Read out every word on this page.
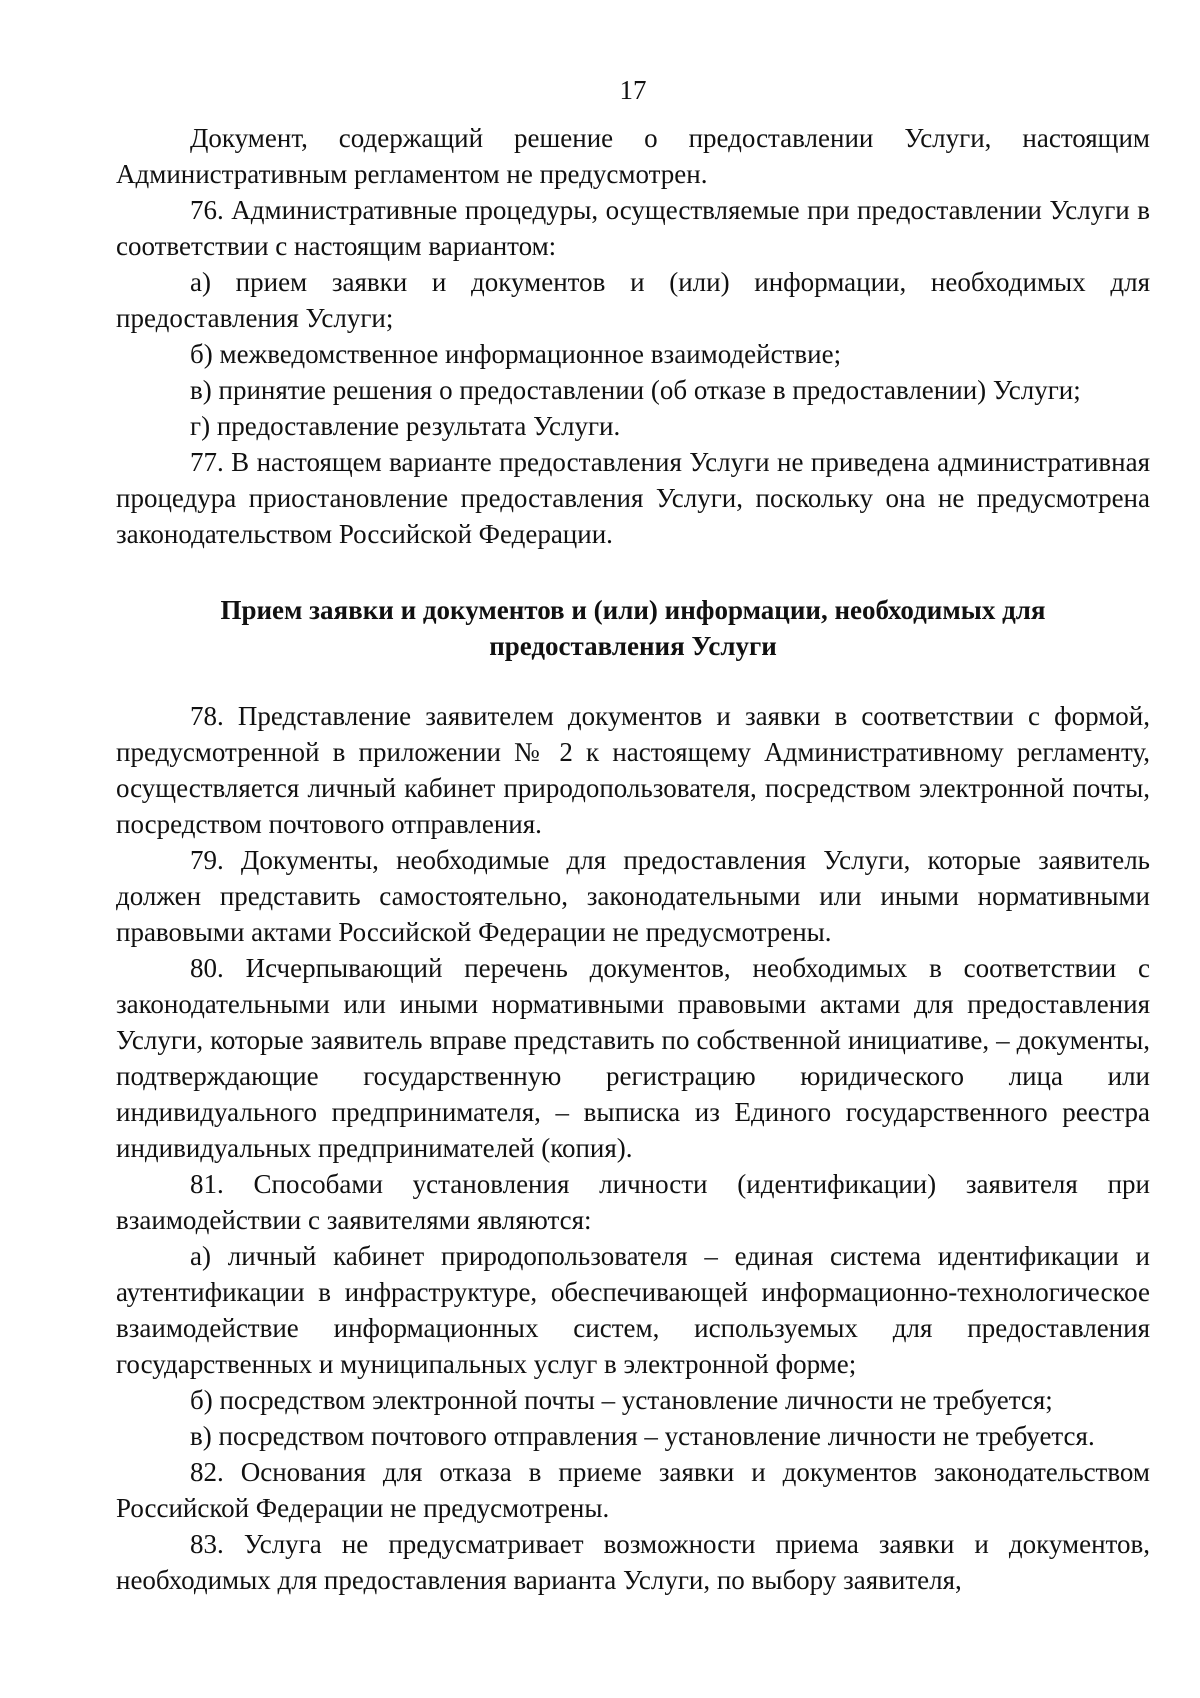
17

Документ, содержащий решение о предоставлении Услуги, настоящим Административным регламентом не предусмотрен.

76. Административные процедуры, осуществляемые при предоставлении Услуги в соответствии с настоящим вариантом:

а) прием заявки и документов и (или) информации, необходимых для предоставления Услуги;

б) межведомственное информационное взаимодействие;

в) принятие решения о предоставлении (об отказе в предоставлении) Услуги;

г) предоставление результата Услуги.

77. В настоящем варианте предоставления Услуги не приведена административная процедура приостановление предоставления Услуги, поскольку она не предусмотрена законодательством Российской Федерации.

Прием заявки и документов и (или) информации, необходимых для предоставления Услуги

78. Представление заявителем документов и заявки в соответствии с формой, предусмотренной в приложении № 2 к настоящему Административному регламенту, осуществляется личный кабинет природопользователя, посредством электронной почты, посредством почтового отправления.

79. Документы, необходимые для предоставления Услуги, которые заявитель должен представить самостоятельно, законодательными или иными нормативными правовыми актами Российской Федерации не предусмотрены.

80. Исчерпывающий перечень документов, необходимых в соответствии с законодательными или иными нормативными правовыми актами для предоставления Услуги, которые заявитель вправе представить по собственной инициативе, – документы, подтверждающие государственную регистрацию юридического лица или индивидуального предпринимателя, – выписка из Единого государственного реестра индивидуальных предпринимателей (копия).

81. Способами установления личности (идентификации) заявителя при взаимодействии с заявителями являются:

а) личный кабинет природопользователя – единая система идентификации и аутентификации в инфраструктуре, обеспечивающей информационно-технологическое взаимодействие информационных систем, используемых для предоставления государственных и муниципальных услуг в электронной форме;

б) посредством электронной почты – установление личности не требуется;

в) посредством почтового отправления – установление личности не требуется.

82. Основания для отказа в приеме заявки и документов законодательством Российской Федерации не предусмотрены.

83. Услуга не предусматривает возможности приема заявки и документов, необходимых для предоставления варианта Услуги, по выбору заявителя,
